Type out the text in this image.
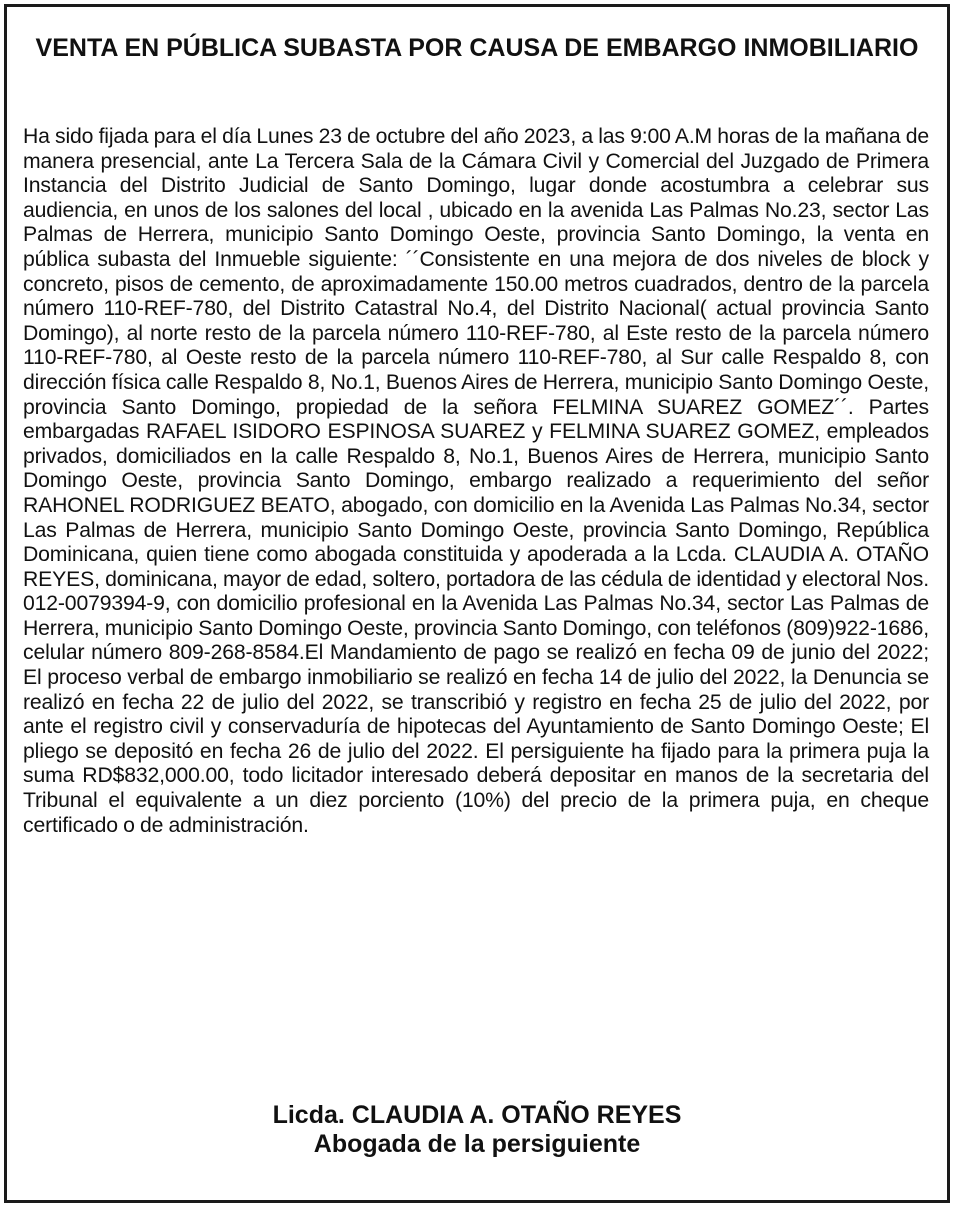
VENTA EN PÚBLICA SUBASTA POR CAUSA DE EMBARGO INMOBILIARIO

Ha sido fijada para el día Lunes 23 de octubre del año 2023, a las 9:00 A.M horas de la mañana de manera presencial, ante La Tercera Sala de la Cámara Civil y Comercial del Juzgado de Primera Instancia del Distrito Judicial de Santo Domingo, lugar donde acostumbra a celebrar sus audiencia, en unos de los salones del local , ubicado en la avenida Las Palmas No.23, sector Las Palmas de Herrera, municipio Santo Domingo Oeste, provincia Santo Domingo, la venta en pública subasta del Inmueble siguiente: ´´Consistente en una mejora de dos niveles de block y concreto, pisos de cemento, de aproximadamente 150.00 metros cuadrados, dentro de la parcela número 110-REF-780, del Distrito Catastral No.4, del Distrito Nacional( actual provincia Santo Domingo), al norte resto de la parcela número 110-REF-780, al Este resto de la parcela número 110-REF-780, al Oeste resto de la parcela número 110-REF-780, al Sur calle Respaldo 8, con dirección física calle Respaldo 8, No.1, Buenos Aires de Herrera, municipio Santo Domingo Oeste, provincia Santo Domingo, propiedad de la señora FELMINA SUAREZ GOMEZ´´. Partes embargadas RAFAEL ISIDORO ESPINOSA SUAREZ y FELMINA SUAREZ GOMEZ, empleados privados, domiciliados en la calle Respaldo 8, No.1, Buenos Aires de Herrera, municipio Santo Domingo Oeste, provincia Santo Domingo, embargo realizado a requerimiento del señor RAHONEL RODRIGUEZ BEATO, abogado, con domicilio en la Avenida Las Palmas No.34, sector Las Palmas de Herrera, municipio Santo Domingo Oeste, provincia Santo Domingo, República Dominicana, quien tiene como abogada constituida y apoderada a la Lcda. CLAUDIA A. OTAÑO REYES, dominicana, mayor de edad, soltero, portadora de las cédula de identidad y electoral Nos. 012-0079394-9, con domicilio profesional en la Avenida Las Palmas No.34, sector Las Palmas de Herrera, municipio Santo Domingo Oeste, provincia Santo Domingo, con teléfonos (809)922-1686, celular número 809-268-8584.El Mandamiento de pago se realizó en fecha 09 de junio del 2022; El proceso verbal de embargo inmobiliario se realizó en fecha 14 de julio del 2022, la Denuncia se realizó en fecha 22 de julio del 2022, se transcribió y registro en fecha 25 de julio del 2022, por ante el registro civil y conservaduría de hipotecas del Ayuntamiento de Santo Domingo Oeste; El pliego se depositó en fecha 26 de julio del 2022. El persiguiente ha fijado para la primera puja la suma RD$832,000.00, todo licitador interesado deberá depositar en manos de la secretaria del Tribunal el equivalente a un diez porciento (10%) del precio de la primera puja, en cheque certificado o de administración.

Licda. CLAUDIA A. OTAÑO REYES
Abogada de la persiguiente
